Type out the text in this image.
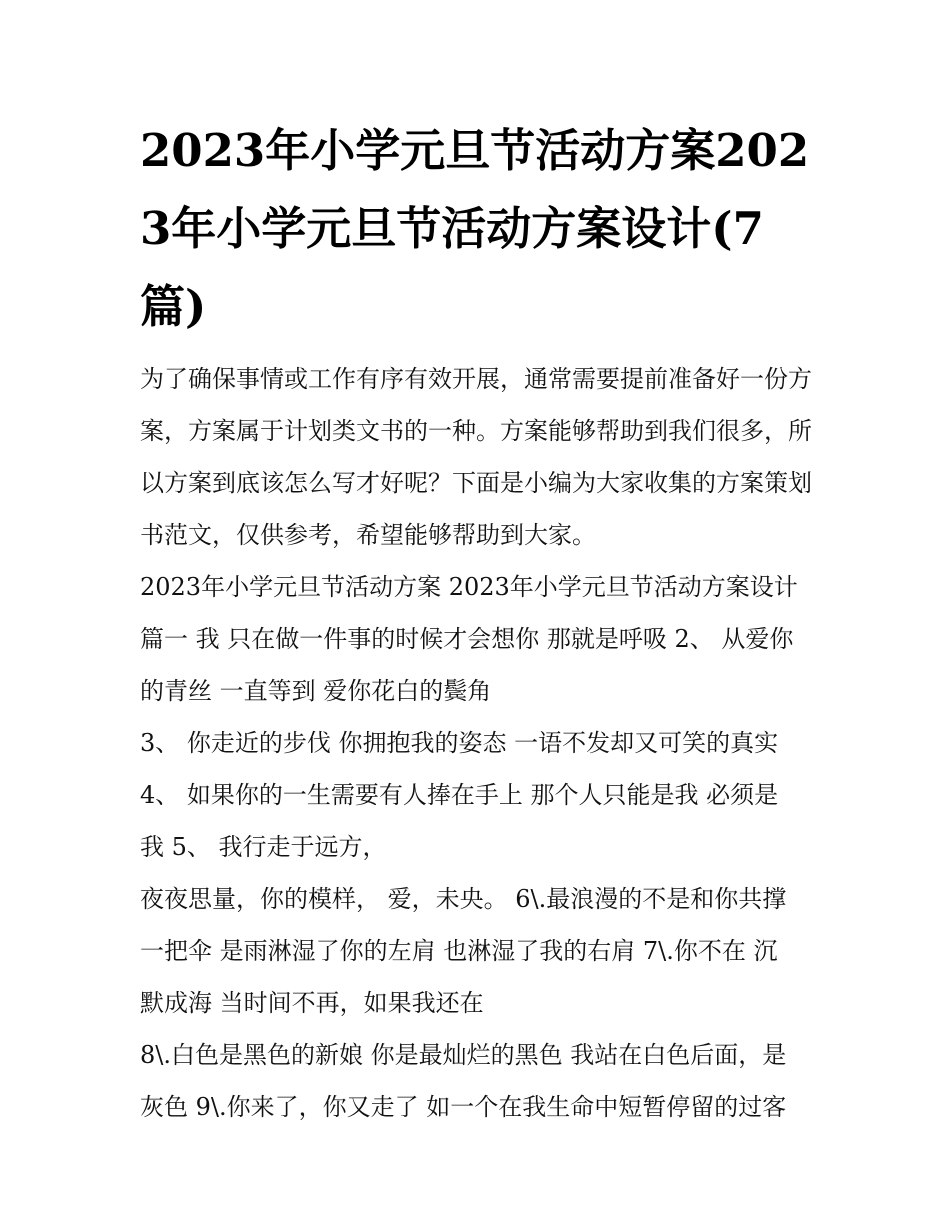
2023年小学元旦节活动方案2023年小学元旦节活动方案设计(7篇)

为了确保事情或工作有序有效开展，通常需要提前准备好一份方案，方案属于计划类文书的一种。方案能够帮助到我们很多，所以方案到底该怎么写才好呢？下面是小编为大家收集的方案策划书范文，仅供参考，希望能够帮助到大家。

2023年小学元旦节活动方案 2023年小学元旦节活动方案设计

篇一 我 只在做一件事的时候才会想你 那就是呼吸 2、 从爱你

的青丝 一直等到 爱你花白的鬓角

3、 你走近的步伐 你拥抱我的姿态 一语不发却又可笑的真实

4、 如果你的一生需要有人捧在手上 那个人只能是我 必须是

我 5、 我行走于远方，

夜夜思量，你的模样， 爱，未央。 6\.最浪漫的不是和你共撑

一把伞 是雨淋湿了你的左肩 也淋湿了我的右肩 7\.你不在 沉

默成海 当时间不再，如果我还在

8\.白色是黑色的新娘 你是最灿烂的黑色 我站在白色后面，是

灰色 9\.你来了，你又走了 如一个在我生命中短暂停留的过客
